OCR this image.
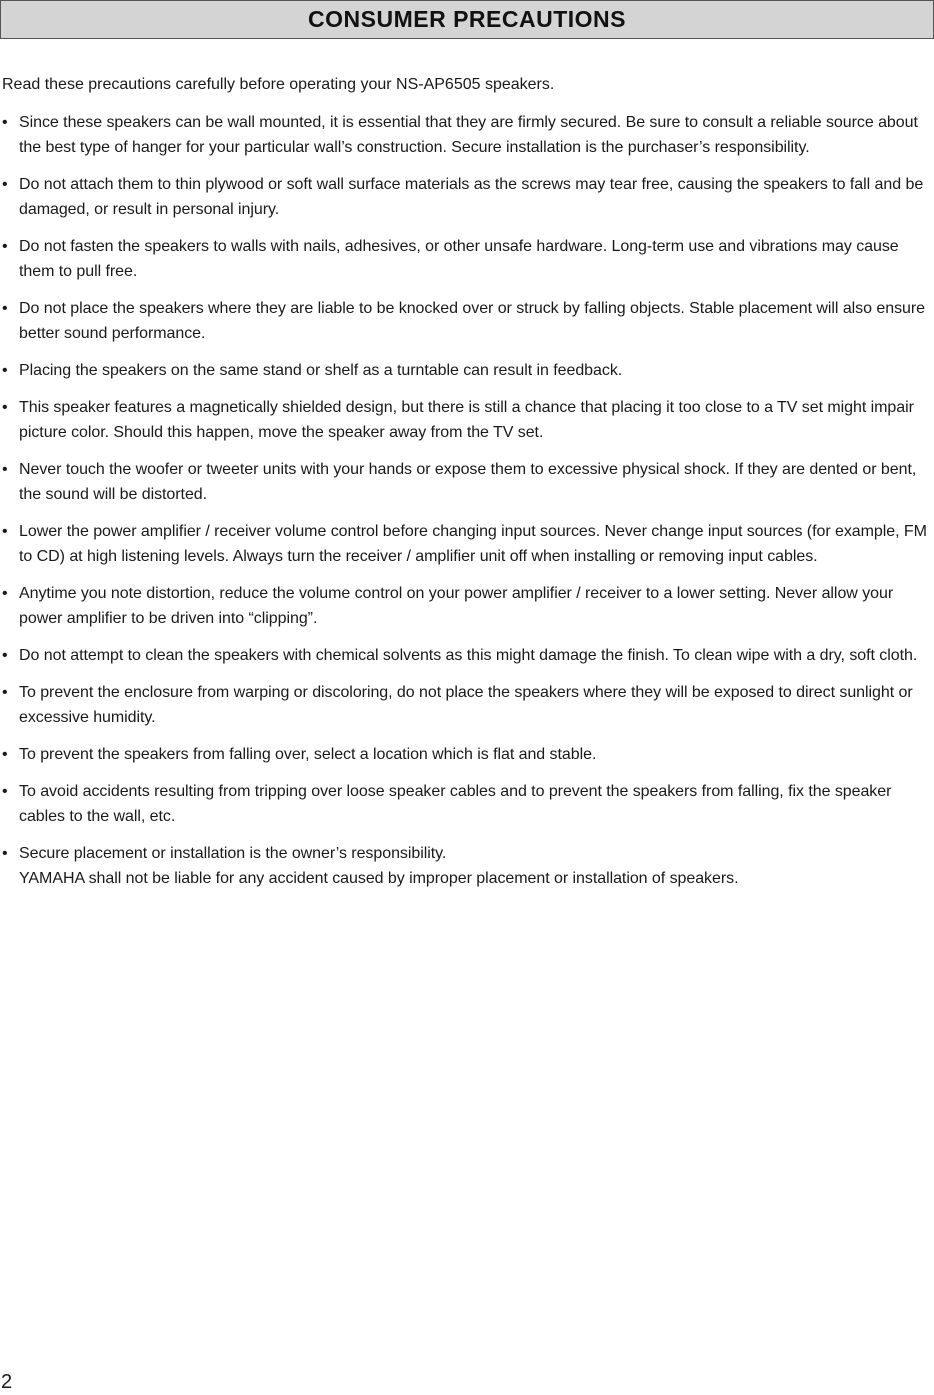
CONSUMER PRECAUTIONS

Read these precautions carefully before operating your NS-AP6505 speakers.

• Since these speakers can be wall mounted, it is essential that they are firmly secured. Be sure to consult a reliable source about the best type of hanger for your particular wall’s construction. Secure installation is the purchaser’s responsibility.
• Do not attach them to thin plywood or soft wall surface materials as the screws may tear free, causing the speakers to fall and be damaged, or result in personal injury.
• Do not fasten the speakers to walls with nails, adhesives, or other unsafe hardware. Long-term use and vibrations may cause them to pull free.
• Do not place the speakers where they are liable to be knocked over or struck by falling objects. Stable placement will also ensure better sound performance.
• Placing the speakers on the same stand or shelf as a turntable can result in feedback.
• This speaker features a magnetically shielded design, but there is still a chance that placing it too close to a TV set might impair picture color. Should this happen, move the speaker away from the TV set.
• Never touch the woofer or tweeter units with your hands or expose them to excessive physical shock. If they are dented or bent, the sound will be distorted.
• Lower the power amplifier / receiver volume control before changing input sources. Never change input sources (for example, FM to CD) at high listening levels. Always turn the receiver / amplifier unit off when installing or removing input cables.
• Anytime you note distortion, reduce the volume control on your power amplifier / receiver to a lower setting. Never allow your power amplifier to be driven into “clipping”.
• Do not attempt to clean the speakers with chemical solvents as this might damage the finish. To clean wipe with a dry, soft cloth.
• To prevent the enclosure from warping or discoloring, do not place the speakers where they will be exposed to direct sunlight or excessive humidity.
• To prevent the speakers from falling over, select a location which is flat and stable.
• To avoid accidents resulting from tripping over loose speaker cables and to prevent the speakers from falling, fix the speaker cables to the wall, etc.
• Secure placement or installation is the owner’s responsibility.
YAMAHA shall not be liable for any accident caused by improper placement or installation of speakers.

2
